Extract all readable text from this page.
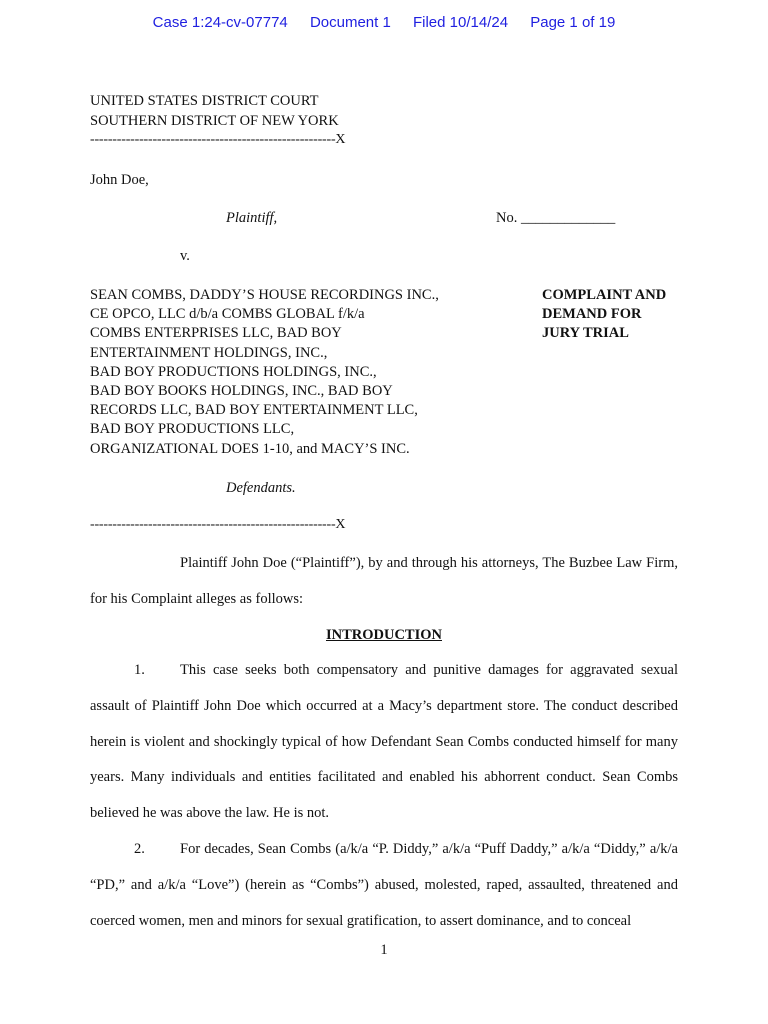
Case 1:24-cv-07774 Document 1 Filed 10/14/24 Page 1 of 19
UNITED STATES DISTRICT COURT
SOUTHERN DISTRICT OF NEW YORK
-------------------------------------------------------X
John Doe,
Plaintiff,	No. _____________
v.
SEAN COMBS, DADDY’S HOUSE RECORDINGS INC.,
CE OPCO, LLC d/b/a COMBS GLOBAL f/k/a
COMBS ENTERPRISES LLC, BAD BOY
ENTERTAINMENT HOLDINGS, INC.,
BAD BOY PRODUCTIONS HOLDINGS, INC.,
BAD BOY BOOKS HOLDINGS, INC., BAD BOY
RECORDS LLC, BAD BOY ENTERTAINMENT LLC,
BAD BOY PRODUCTIONS LLC,
ORGANIZATIONAL DOES 1-10, and MACY’S INC.
COMPLAINT AND
DEMAND FOR
JURY TRIAL
Defendants.
-------------------------------------------------------X
Plaintiff John Doe (“Plaintiff”), by and through his attorneys, The Buzbee Law Firm, for his Complaint alleges as follows:
INTRODUCTION
1. This case seeks both compensatory and punitive damages for aggravated sexual assault of Plaintiff John Doe which occurred at a Macy’s department store. The conduct described herein is violent and shockingly typical of how Defendant Sean Combs conducted himself for many years. Many individuals and entities facilitated and enabled his abhorrent conduct. Sean Combs believed he was above the law. He is not.
2. For decades, Sean Combs (a/k/a “P. Diddy,” a/k/a “Puff Daddy,” a/k/a “Diddy,” a/k/a “PD,” and a/k/a “Love”) (herein as “Combs”) abused, molested, raped, assaulted, threatened and coerced women, men and minors for sexual gratification, to assert dominance, and to conceal
1
